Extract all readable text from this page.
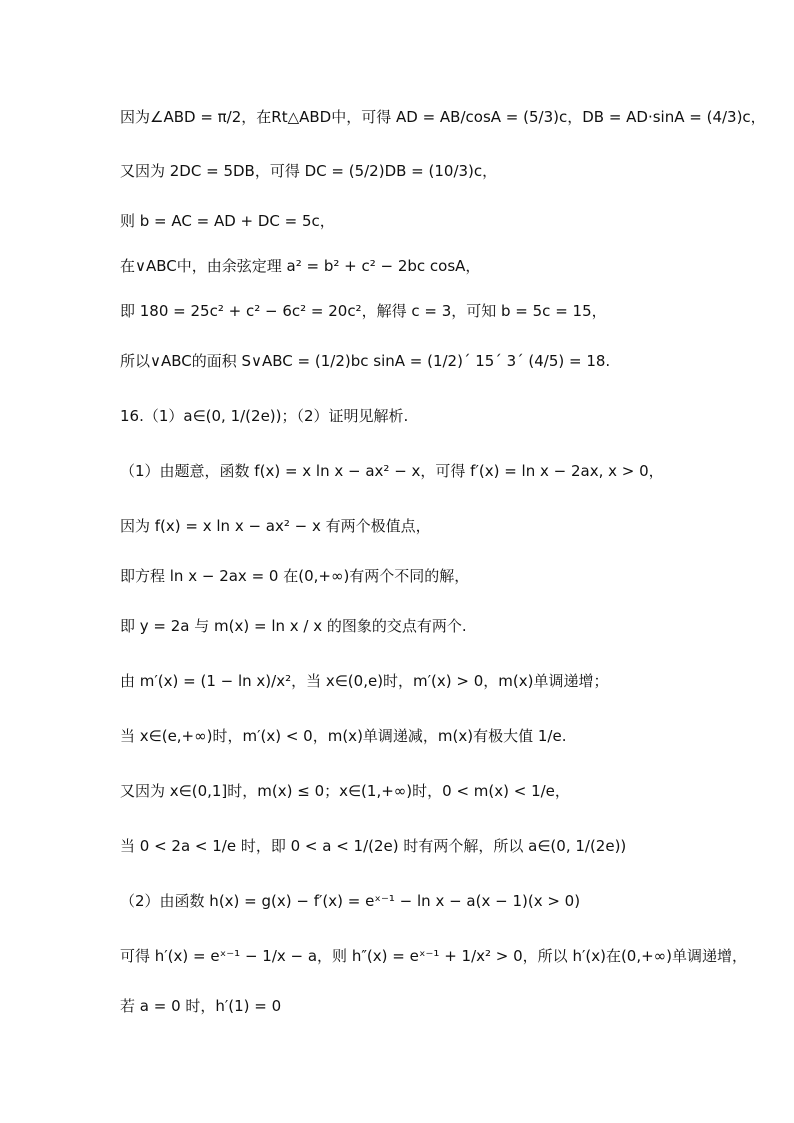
因为∠ABD = π/2，在Rt△ABD中，可得 AD = AB/cosA = (5/3)c，DB = AD·sinA = (4/3)c，
又因为 2DC = 5DB，可得 DC = (5/2)DB = (10/3)c，
则 b = AC = AD + DC = 5c，
在∨ABC中，由余弦定理 a² = b² + c² − 2bc cosA，
即 180 = 25c² + c² − 6c² = 20c²，解得 c = 3，可知 b = 5c = 15，
所以∨ABC的面积 S∨ABC = (1/2)bc sinA = (1/2)´ 15´ 3´ (4/5) = 18.
16.（1）a∈(0, 1/(2e))；（2）证明见解析.
（1）由题意，函数 f(x) = x ln x − ax² − x，可得 f′(x) = ln x − 2ax, x > 0，
因为 f(x) = x ln x − ax² − x 有两个极值点，
即方程 ln x − 2ax = 0 在(0,+∞)有两个不同的解，
即 y = 2a 与 m(x) = ln x / x 的图象的交点有两个.
由 m′(x) = (1 − ln x)/x²，当 x∈(0,e)时，m′(x) > 0，m(x)单调递增；
当 x∈(e,+∞)时，m′(x) < 0，m(x)单调递减，m(x)有极大值 1/e.
又因为 x∈(0,1]时，m(x) ≤ 0；x∈(1,+∞)时，0 < m(x) < 1/e，
当 0 < 2a < 1/e 时，即 0 < a < 1/(2e) 时有两个解，所以 a∈(0, 1/(2e))
（2）由函数 h(x) = g(x) − f′(x) = eˣ⁻¹ − ln x − a(x − 1)(x > 0)
可得 h′(x) = eˣ⁻¹ − 1/x − a，则 h″(x) = eˣ⁻¹ + 1/x² > 0，所以 h′(x)在(0,+∞)单调递增，
若 a = 0 时，h′(1) = 0
